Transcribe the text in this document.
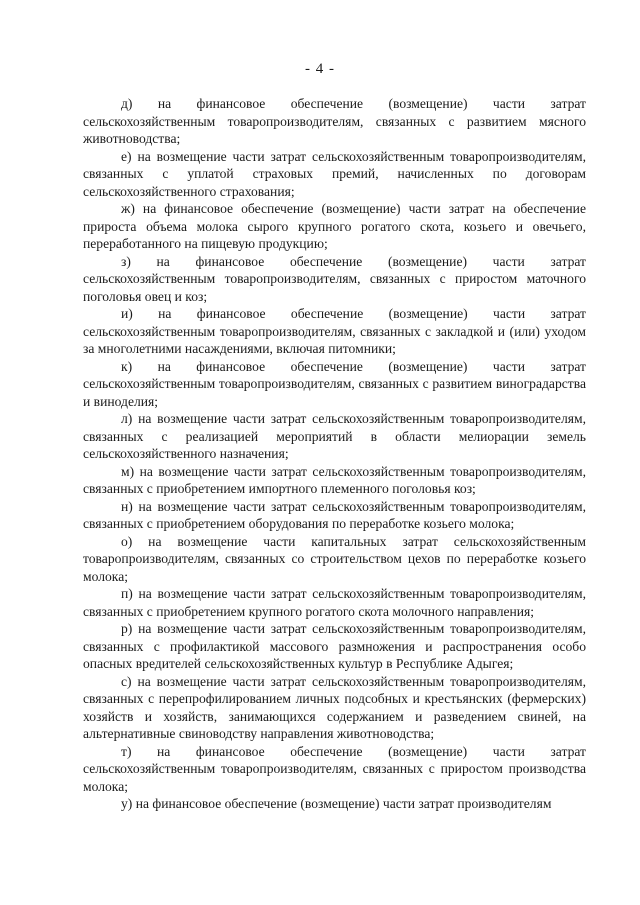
- 4 -

д) на финансовое обеспечение (возмещение) части затрат сельскохозяйственным товаропроизводителям, связанных с развитием мясного животноводства;

е) на возмещение части затрат сельскохозяйственным товаропроизводителям, связанных с уплатой страховых премий, начисленных по договорам сельскохозяйственного страхования;

ж) на финансовое обеспечение (возмещение) части затрат на обеспечение прироста объема молока сырого крупного рогатого скота, козьего и овечьего, переработанного на пищевую продукцию;

з) на финансовое обеспечение (возмещение) части затрат сельскохозяйственным товаропроизводителям, связанных с приростом маточного поголовья овец и коз;

и) на финансовое обеспечение (возмещение) части затрат сельскохозяйственным товаропроизводителям, связанных с закладкой и (или) уходом за многолетними насаждениями, включая питомники;

к) на финансовое обеспечение (возмещение) части затрат сельскохозяйственным товаропроизводителям, связанных с развитием виноградарства и виноделия;

л) на возмещение части затрат сельскохозяйственным товаропроизводителям, связанных с реализацией мероприятий в области мелиорации земель сельскохозяйственного назначения;

м) на возмещение части затрат сельскохозяйственным товаропроизводителям, связанных с приобретением импортного племенного поголовья коз;

н) на возмещение части затрат сельскохозяйственным товаропроизводителям, связанных с приобретением оборудования по переработке козьего молока;

о) на возмещение части капитальных затрат сельскохозяйственным товаропроизводителям, связанных со строительством цехов по переработке козьего молока;

п) на возмещение части затрат сельскохозяйственным товаропроизводителям, связанных с приобретением крупного рогатого скота молочного направления;

р) на возмещение части затрат сельскохозяйственным товаропроизводителям, связанных с профилактикой массового размножения и распространения особо опасных вредителей сельскохозяйственных культур в Республике Адыгея;

с) на возмещение части затрат сельскохозяйственным товаропроизводителям, связанных с перепрофилированием личных подсобных и крестьянских (фермерских) хозяйств и хозяйств, занимающихся содержанием и разведением свиней, на альтернативные свиноводству направления животноводства;

т) на финансовое обеспечение (возмещение) части затрат сельскохозяйственным товаропроизводителям, связанных с приростом производства молока;

у) на финансовое обеспечение (возмещение) части затрат производителям
